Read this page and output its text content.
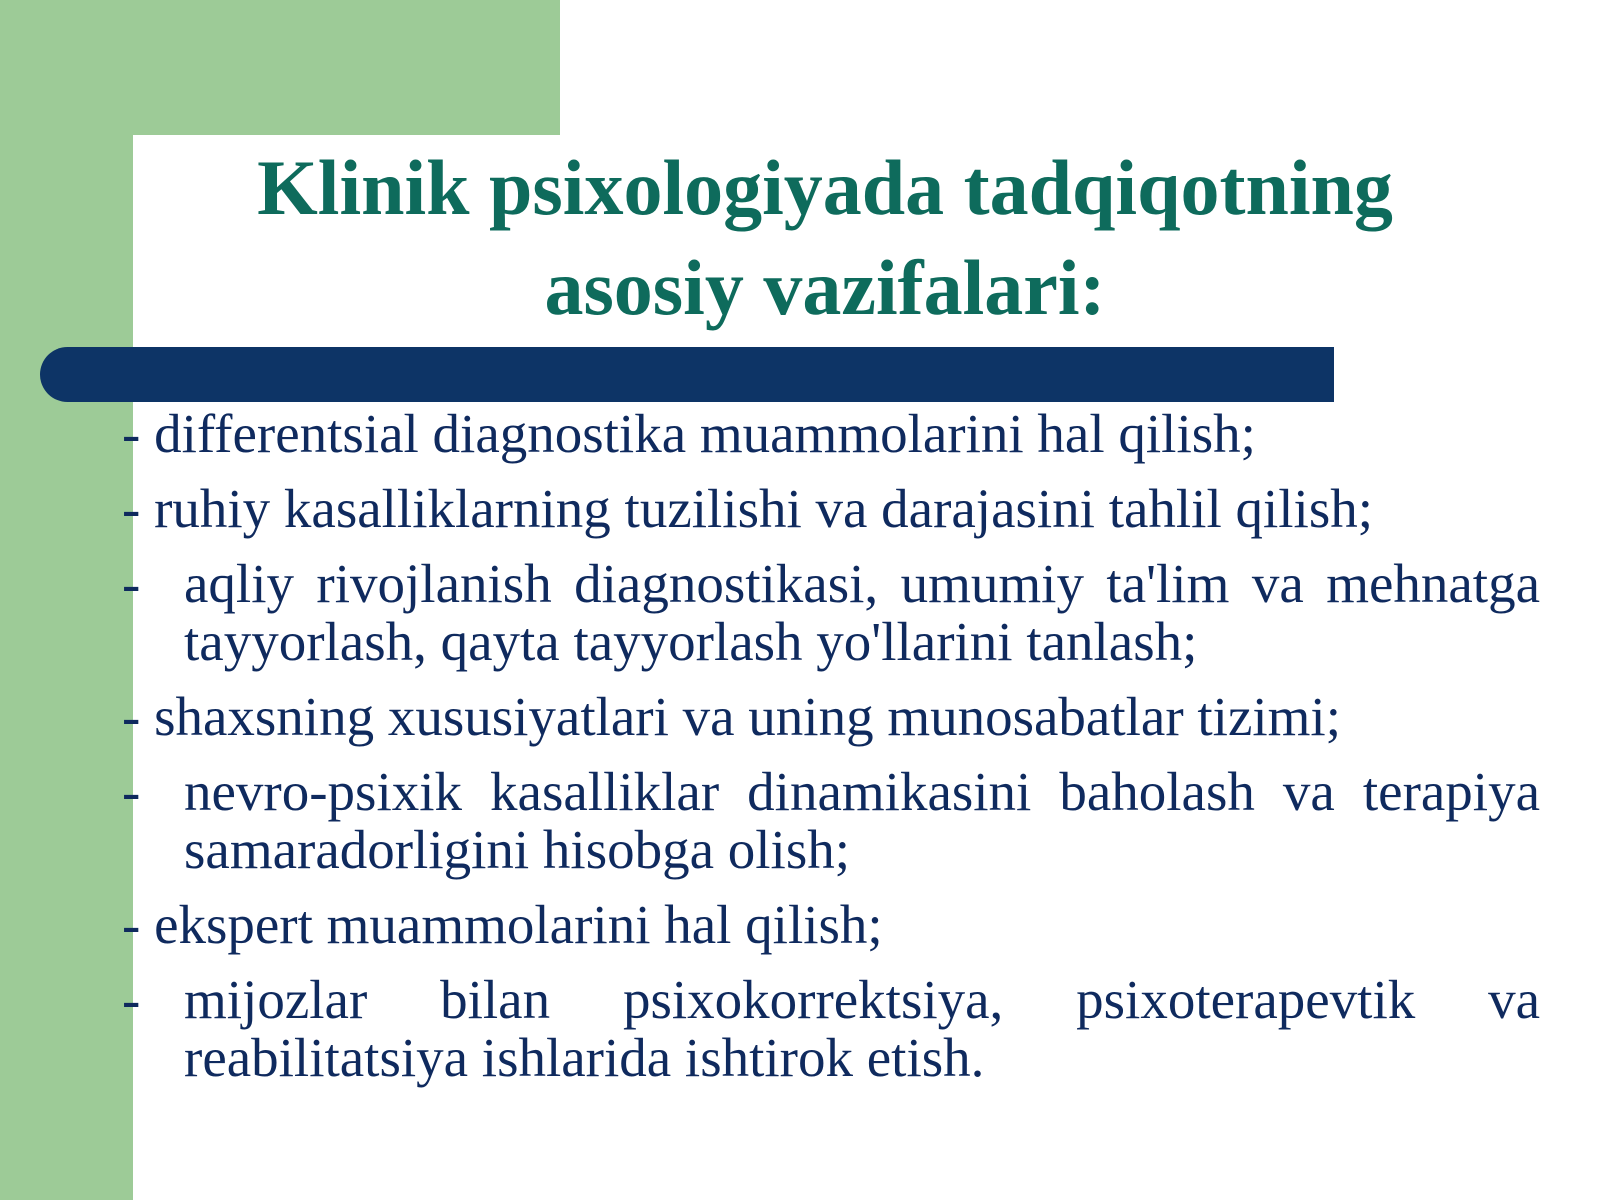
Klinik psixologiyada tadqiqotning
asosiy vazifalari:
- differentsial diagnostika muammolarini hal qilish;
- ruhiy kasalliklarning tuzilishi va darajasini tahlil qilish;
- aqliy rivojlanish diagnostikasi, umumiy ta'lim va mehnatga tayyorlash, qayta tayyorlash yo'llarini tanlash;
- shaxsning xususiyatlari va uning munosabatlar tizimi;
- nevro-psixik kasalliklar dinamikasini baholash va terapiya samaradorligini hisobga olish;
- ekspert muammolarini hal qilish;
- mijozlar bilan psixokorrektsiya, psixoterapevtik va reabilitatsiya ishlarida ishtirok etish.
